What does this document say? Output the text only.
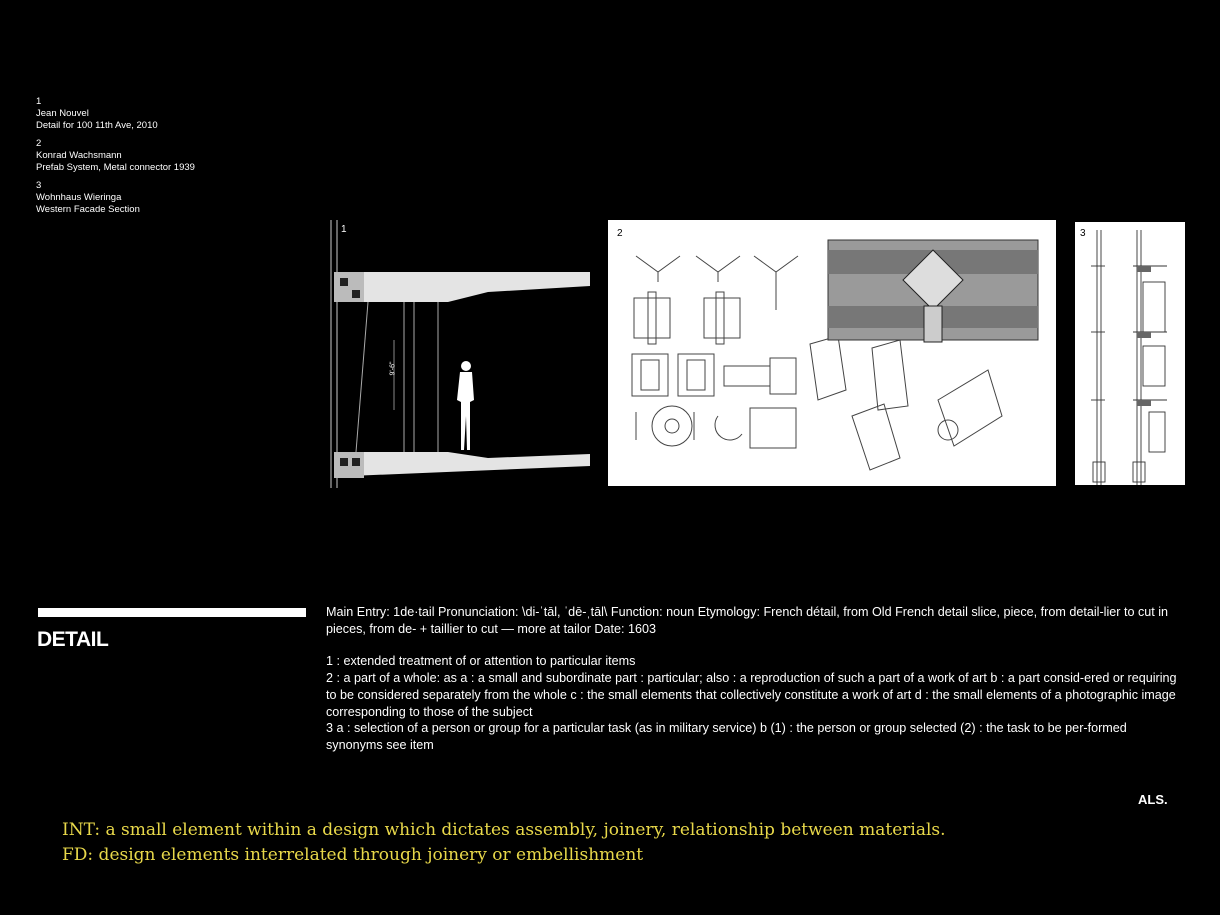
1
Jean Nouvel
Detail for 100 11th Ave, 2010
2
Konrad Wachsmann
Prefab System, Metal connector 1939
3
Wohnhaus Wieringa
Western Facade Section
1
9'-6"
2	3
DETAIL

Main Entry: 1de·tail Pronunciation: \di-ˈtāl, ˈdē-ˌtāl\ Function: noun Etymology: French détail, from Old French detail slice, piece, from detail-lier to cut in pieces, from de- + taillier to cut — more at tailor Date: 1603

1 : extended treatment of or attention to particular items

2 : a part of a whole: as a : a small and subordinate part : particular; also : a reproduction of such a part of a work of art b : a part consid-ered or requiring to be considered separately from the whole c : the small elements that collectively constitute a work of art d : the small elements of a photographic image corresponding to those of the subject

3 a : selection of a person or group for a particular task (as in military service) b (1) : the person or group selected (2) : the task to be per-formed

synonyms see item

ALS.
INT: a small element within a design which dictates assembly, joinery, relationship between materials.
FD: design elements interrelated through joinery or embellishment
